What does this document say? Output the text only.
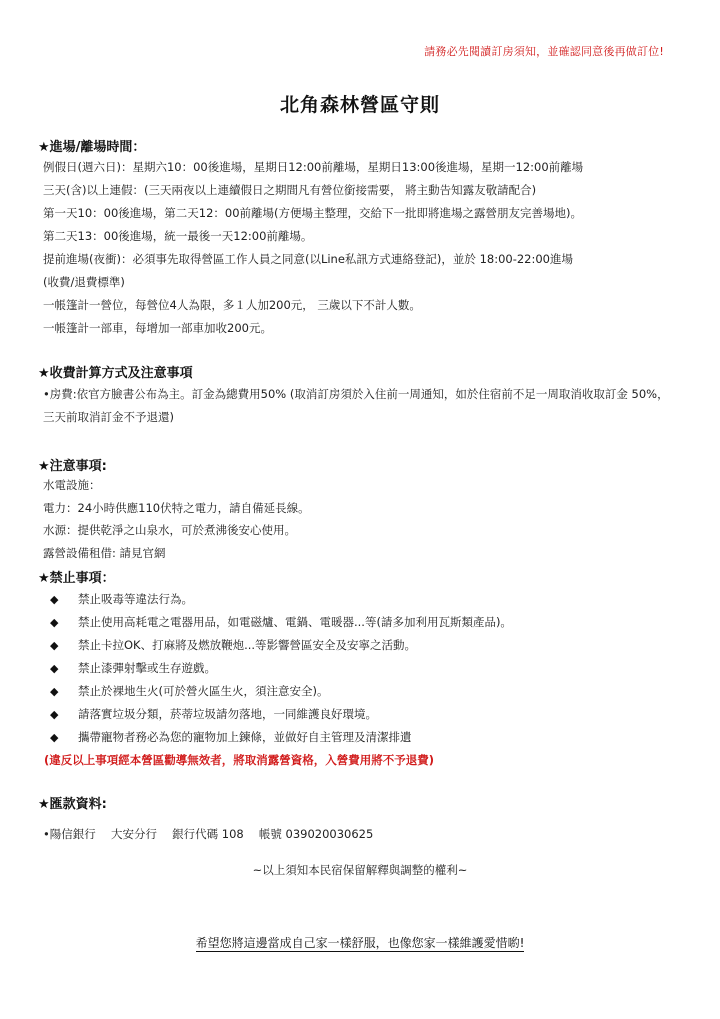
請務必先閱讀訂房須知，並確認同意後再做訂位!
北角森林營區守則
★進場/離場時間：
例假日(週六日)：星期六10：00後進場，星期日12:00前離場，星期日13:00後進場，星期一12:00前離場
三天(含)以上連假：(三天兩夜以上連續假日之期間凡有營位銜接需要， 將主動告知露友敬請配合)
第一天10：00後進場，第二天12：00前離場(方便場主整理，交給下一批即將進場之露營朋友完善場地)。
第二天13：00後進場，統一最後一天12:00前離場。
提前進場(夜衝)：必須事先取得營區工作人員之同意(以Line私訊方式連絡登記)，並於 18:00-22:00進場
(收費/退費標準)
一帳篷計一營位，每營位4人為限，多１人加200元， 三歲以下不計人數。
一帳篷計一部車，每增加一部車加收200元。
★收費計算方式及注意事項
•房費:依官方臉書公布為主。訂金為總費用50% (取消訂房須於入住前一周通知，如於住宿前不足一周取消收取訂金 50%，
三天前取消訂金不予退還)
★注意事項:
水電設施：
電力：24小時供應110伏特之電力，請自備延長線。
水源：提供乾淨之山泉水，可於煮沸後安心使用。
露營設備租借: 請見官網
★禁止事項：
◆ 禁止吸毒等違法行為。
◆ 禁止使用高耗電之電器用品，如電磁爐、電鍋、電暖器...等(請多加利用瓦斯類產品)。
◆ 禁止卡拉OK、打麻將及燃放鞭炮...等影響營區安全及安寧之活動。
◆ 禁止漆彈射擊或生存遊戲。
◆ 禁止於裸地生火(可於營火區生火，須注意安全)。
◆ 請落實垃圾分類，菸蒂垃圾請勿落地，一同維護良好環境。
◆ 攜帶寵物者務必為您的寵物加上鍊條，並做好自主管理及清潔排遺
(違反以上事項經本營區勸導無效者，將取消露營資格，入營費用將不予退費)
★匯款資料:
•陽信銀行　 大安分行　 銀行代碼 108　 帳號 039020030625
~以上須知本民宿保留解釋與調整的權利~
希望您將這邊當成自己家一樣舒服，也像您家一樣維護愛惜喲!
